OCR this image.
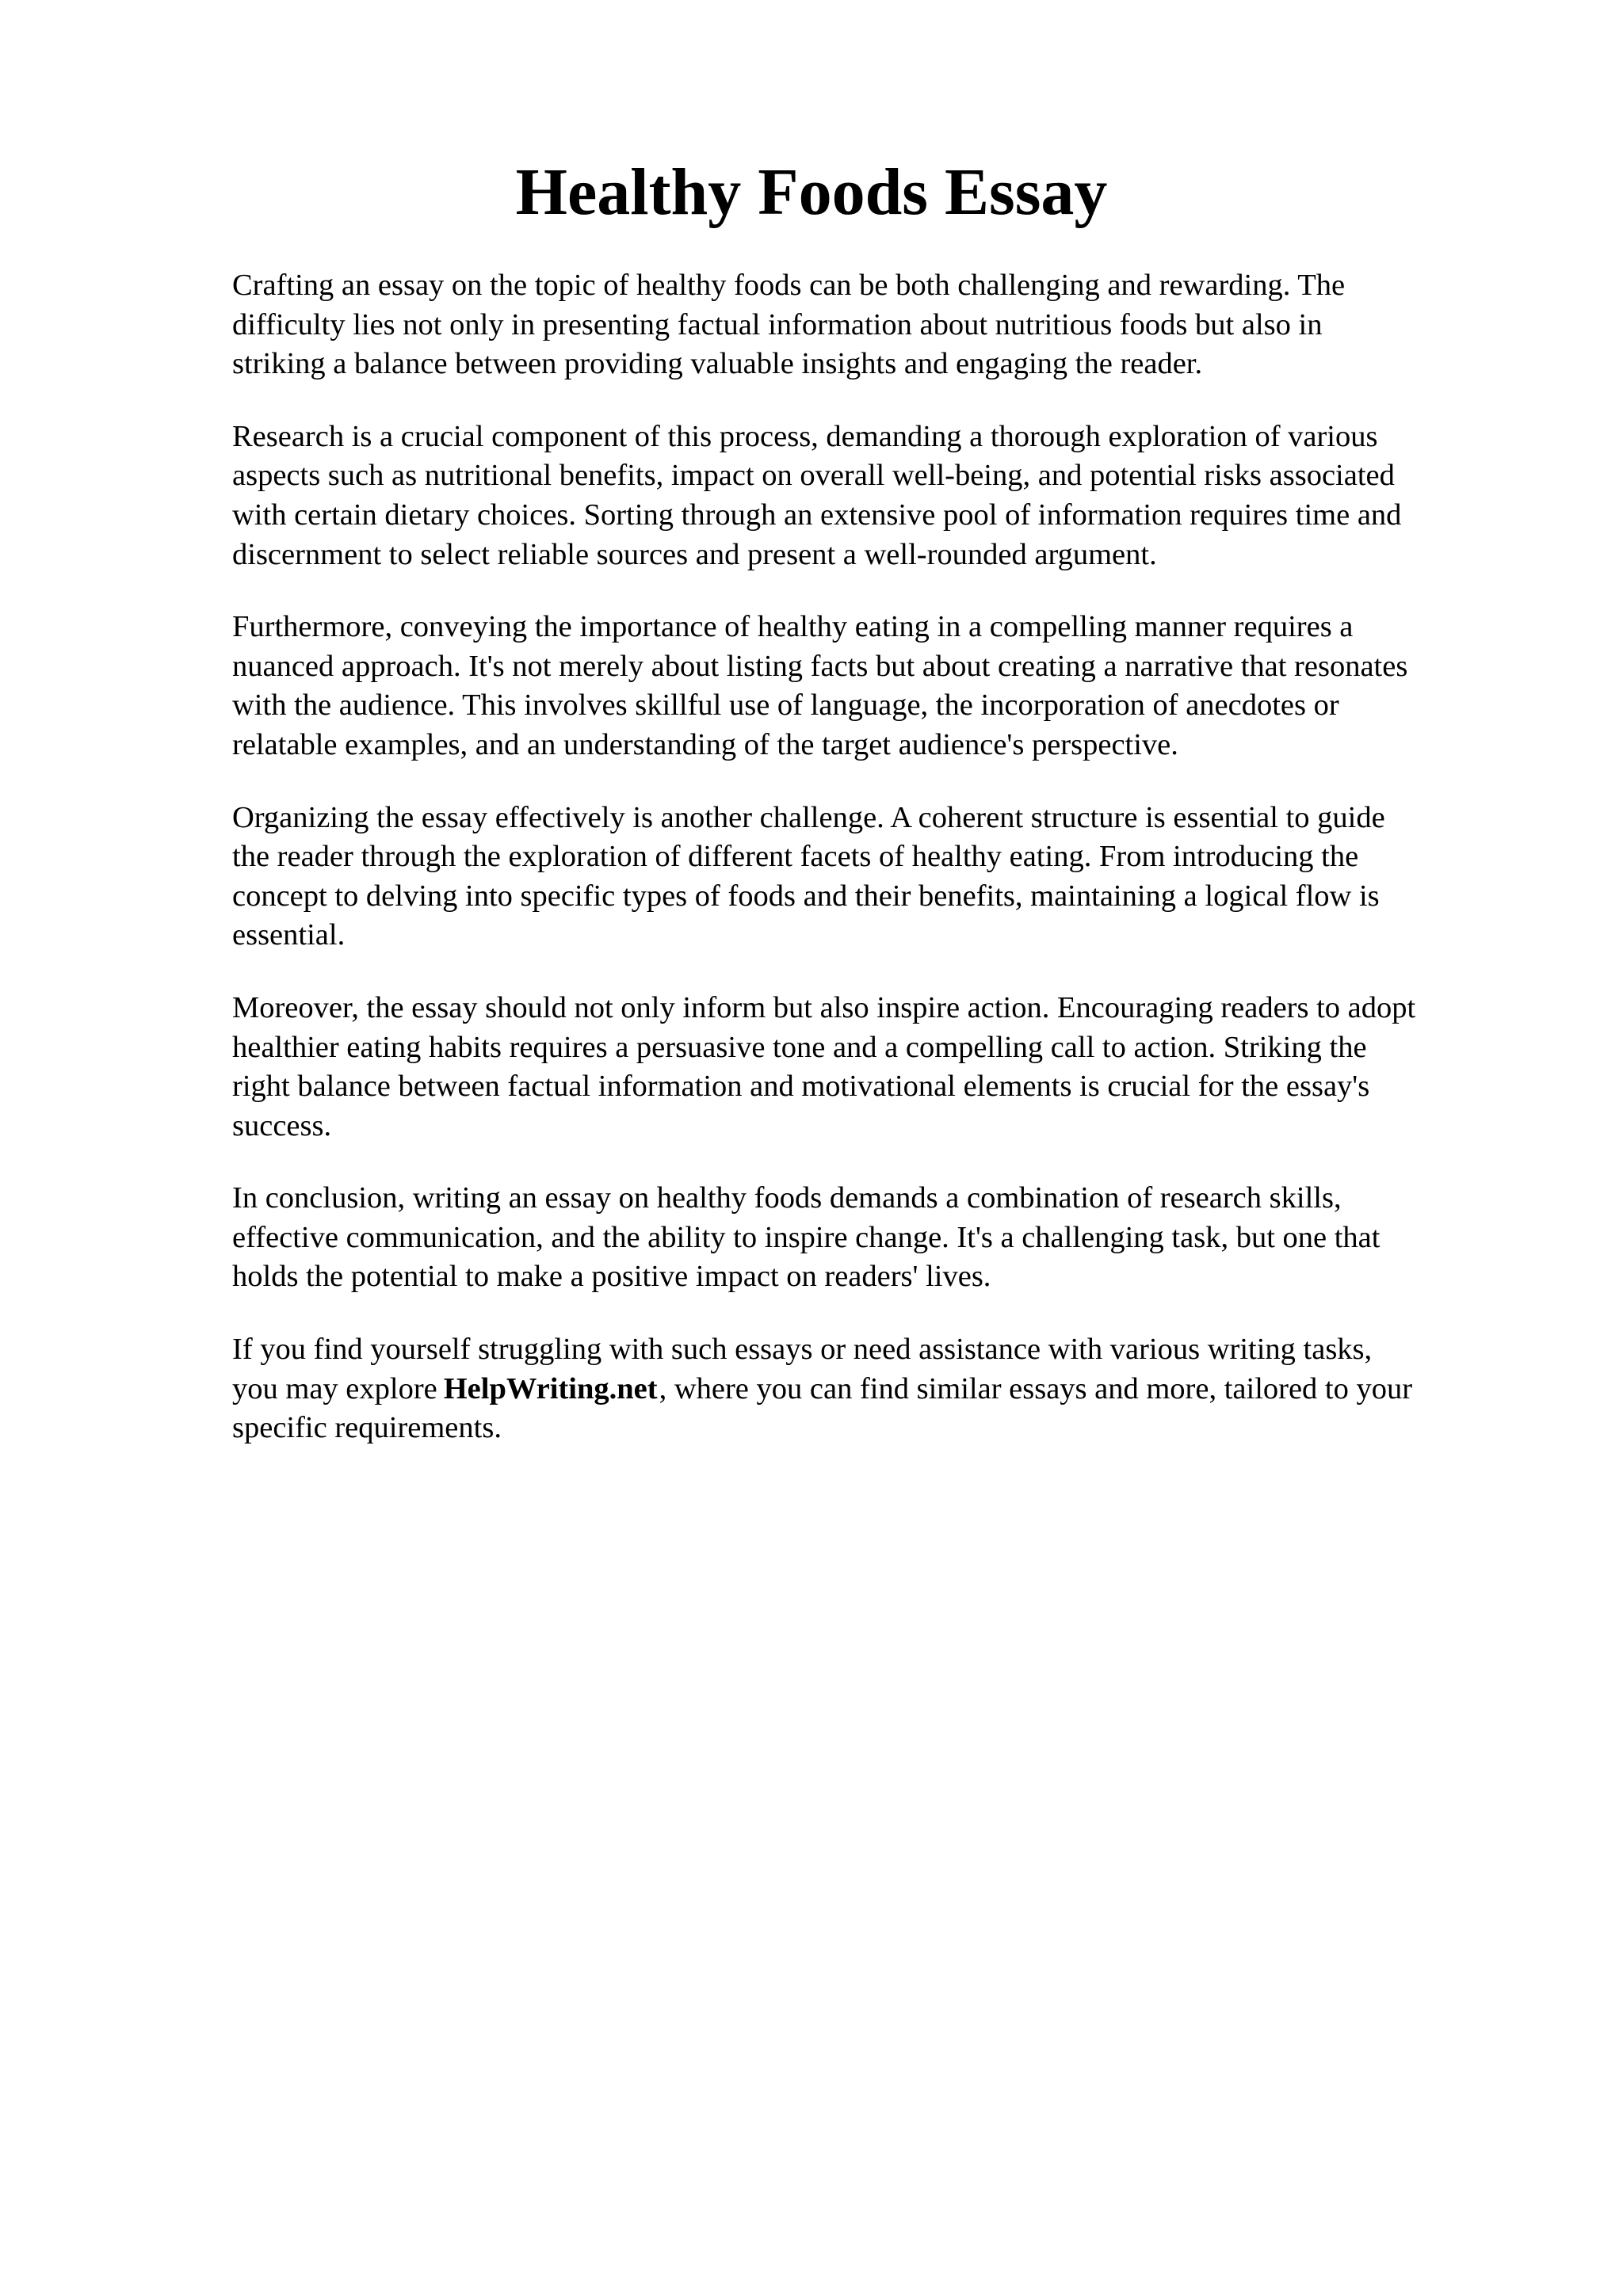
Healthy Foods Essay

Crafting an essay on the topic of healthy foods can be both challenging and rewarding. The
difficulty lies not only in presenting factual information about nutritious foods but also in
striking a balance between providing valuable insights and engaging the reader.

Research is a crucial component of this process, demanding a thorough exploration of various
aspects such as nutritional benefits, impact on overall well-being, and potential risks associated
with certain dietary choices. Sorting through an extensive pool of information requires time and
discernment to select reliable sources and present a well-rounded argument.

Furthermore, conveying the importance of healthy eating in a compelling manner requires a
nuanced approach. It's not merely about listing facts but about creating a narrative that resonates
with the audience. This involves skillful use of language, the incorporation of anecdotes or
relatable examples, and an understanding of the target audience's perspective.

Organizing the essay effectively is another challenge. A coherent structure is essential to guide
the reader through the exploration of different facets of healthy eating. From introducing the
concept to delving into specific types of foods and their benefits, maintaining a logical flow is
essential.

Moreover, the essay should not only inform but also inspire action. Encouraging readers to adopt
healthier eating habits requires a persuasive tone and a compelling call to action. Striking the
right balance between factual information and motivational elements is crucial for the essay's
success.

In conclusion, writing an essay on healthy foods demands a combination of research skills,
effective communication, and the ability to inspire change. It's a challenging task, but one that
holds the potential to make a positive impact on readers' lives.

If you find yourself struggling with such essays or need assistance with various writing tasks,
you may explore HelpWriting.net, where you can find similar essays and more, tailored to your
specific requirements.
